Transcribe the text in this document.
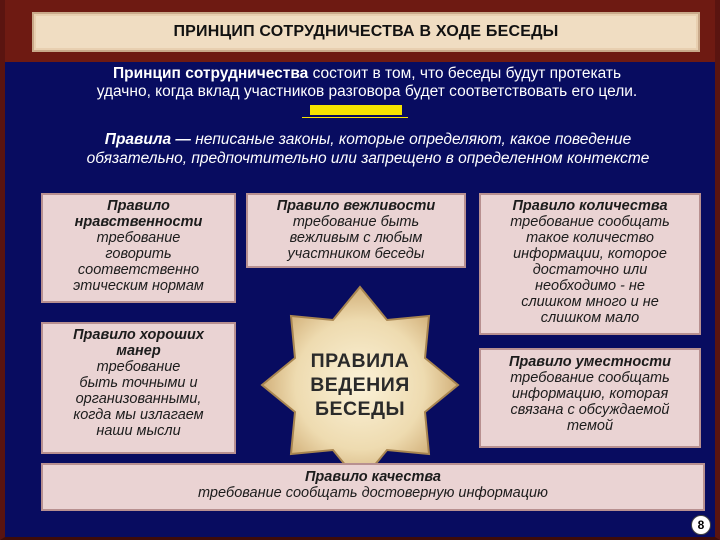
ПРИНЦИП СОТРУДНИЧЕСТВА В ХОДЕ БЕСЕДЫ
Принцип сотрудничества состоит в том, что беседы будут протекать
удачно, когда вклад участников разговора будет соответствовать его цели.
Правила — неписаные законы, которые определяют, какое поведение
обязательно, предпочтительно или запрещено в определенном контексте
Правило
нравственности
требование
говорить
соответственно
этическим нормам
Правило вежливости
требование быть
вежливым с любым
участником беседы
Правило количества
требование сообщать
такое количество
информации, которое
достаточно или
необходимо - не
слишком много и не
слишком мало
Правило хороших
манер
требование
быть точными и
организованными,
когда мы излагаем
наши мысли
Правило уместности
требование сообщать
информацию, которая
связана с обсуждаемой
темой
ПРАВИЛА
ВЕДЕНИЯ
БЕСЕДЫ
Правило качества
требование сообщать достоверную информацию
8
